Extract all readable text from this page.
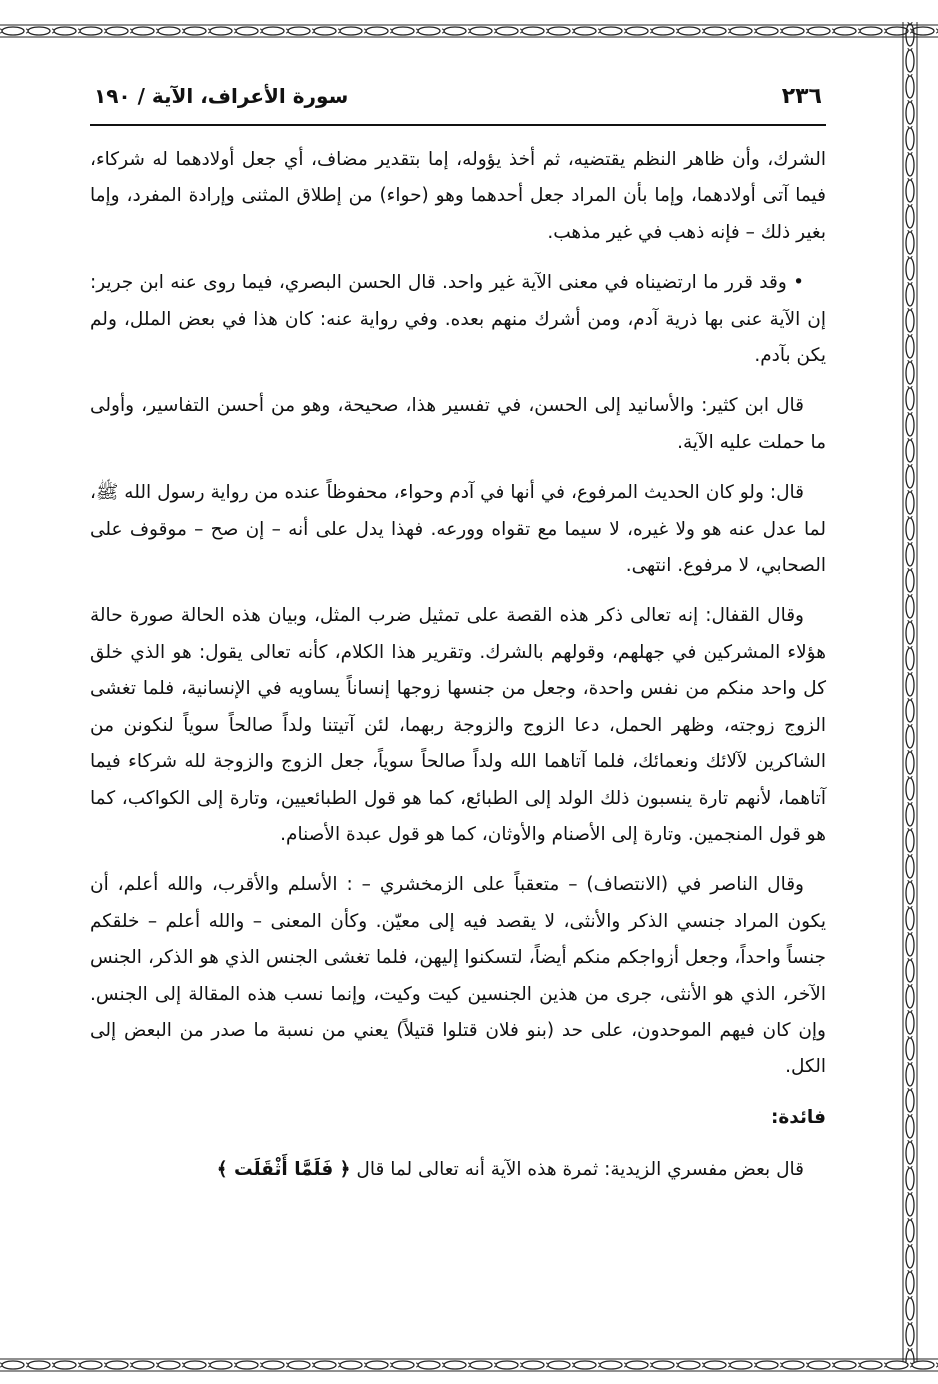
٢٣٦
سورة الأعراف، الآية / ١٩٠

الشرك، وأن ظاهر النظم يقتضيه، ثم أخذ يؤوله، إما بتقدير مضاف، أي جعل أولادهما له شركاء، فيما آتى أولادهما، وإما بأن المراد جعل أحدهما وهو (حواء) من إطلاق المثنى وإرادة المفرد، وإما بغير ذلك – فإنه ذهب في غير مذهب.

• وقد قرر ما ارتضيناه في معنى الآية غير واحد. قال الحسن البصري، فيما روى عنه ابن جرير: إن الآية عنى بها ذرية آدم، ومن أشرك منهم بعده. وفي رواية عنه: كان هذا في بعض الملل، ولم يكن بآدم.

قال ابن كثير: والأسانيد إلى الحسن، في تفسير هذا، صحيحة، وهو من أحسن التفاسير، وأولى ما حملت عليه الآية.

قال: ولو كان الحديث المرفوع، في أنها في آدم وحواء، محفوظاً عنده من رواية رسول الله ﷺ، لما عدل عنه هو ولا غيره، لا سيما مع تقواه وورعه. فهذا يدل على أنه – إن صح – موقوف على الصحابي، لا مرفوع. انتهى.

وقال القفال: إنه تعالى ذكر هذه القصة على تمثيل ضرب المثل، وبيان هذه الحالة صورة حالة هؤلاء المشركين في جهلهم، وقولهم بالشرك. وتقرير هذا الكلام، كأنه تعالى يقول: هو الذي خلق كل واحد منكم من نفس واحدة، وجعل من جنسها زوجها إنساناً يساويه في الإنسانية، فلما تغشى الزوج زوجته، وظهر الحمل، دعا الزوج والزوجة ربهما، لئن آتيتنا ولداً صالحاً سوياً لنكونن من الشاكرين لآلائك ونعمائك، فلما آتاهما الله ولداً صالحاً سوياً، جعل الزوج والزوجة لله شركاء فيما آتاهما، لأنهم تارة ينسبون ذلك الولد إلى الطبائع، كما هو قول الطبائعيين، وتارة إلى الكواكب، كما هو قول المنجمين. وتارة إلى الأصنام والأوثان، كما هو قول عبدة الأصنام.

وقال الناصر في (الانتصاف) – متعقباً على الزمخشري – : الأسلم والأقرب، والله أعلم، أن يكون المراد جنسي الذكر والأنثى، لا يقصد فيه إلى معيّن. وكأن المعنى – والله أعلم – خلقكم جنساً واحداً، وجعل أزواجكم منكم أيضاً، لتسكنوا إليهن، فلما تغشى الجنس الذي هو الذكر، الجنس الآخر، الذي هو الأنثى، جرى من هذين الجنسين كيت وكيت، وإنما نسب هذه المقالة إلى الجنس. وإن كان فيهم الموحدون، على حد (بنو فلان قتلوا قتيلاً) يعني من نسبة ما صدر من البعض إلى الكل.

فائدة:

قال بعض مفسري الزيدية: ثمرة هذه الآية أنه تعالى لما قال ﴿ فَلَمَّا أَثْقَلَت ﴾
